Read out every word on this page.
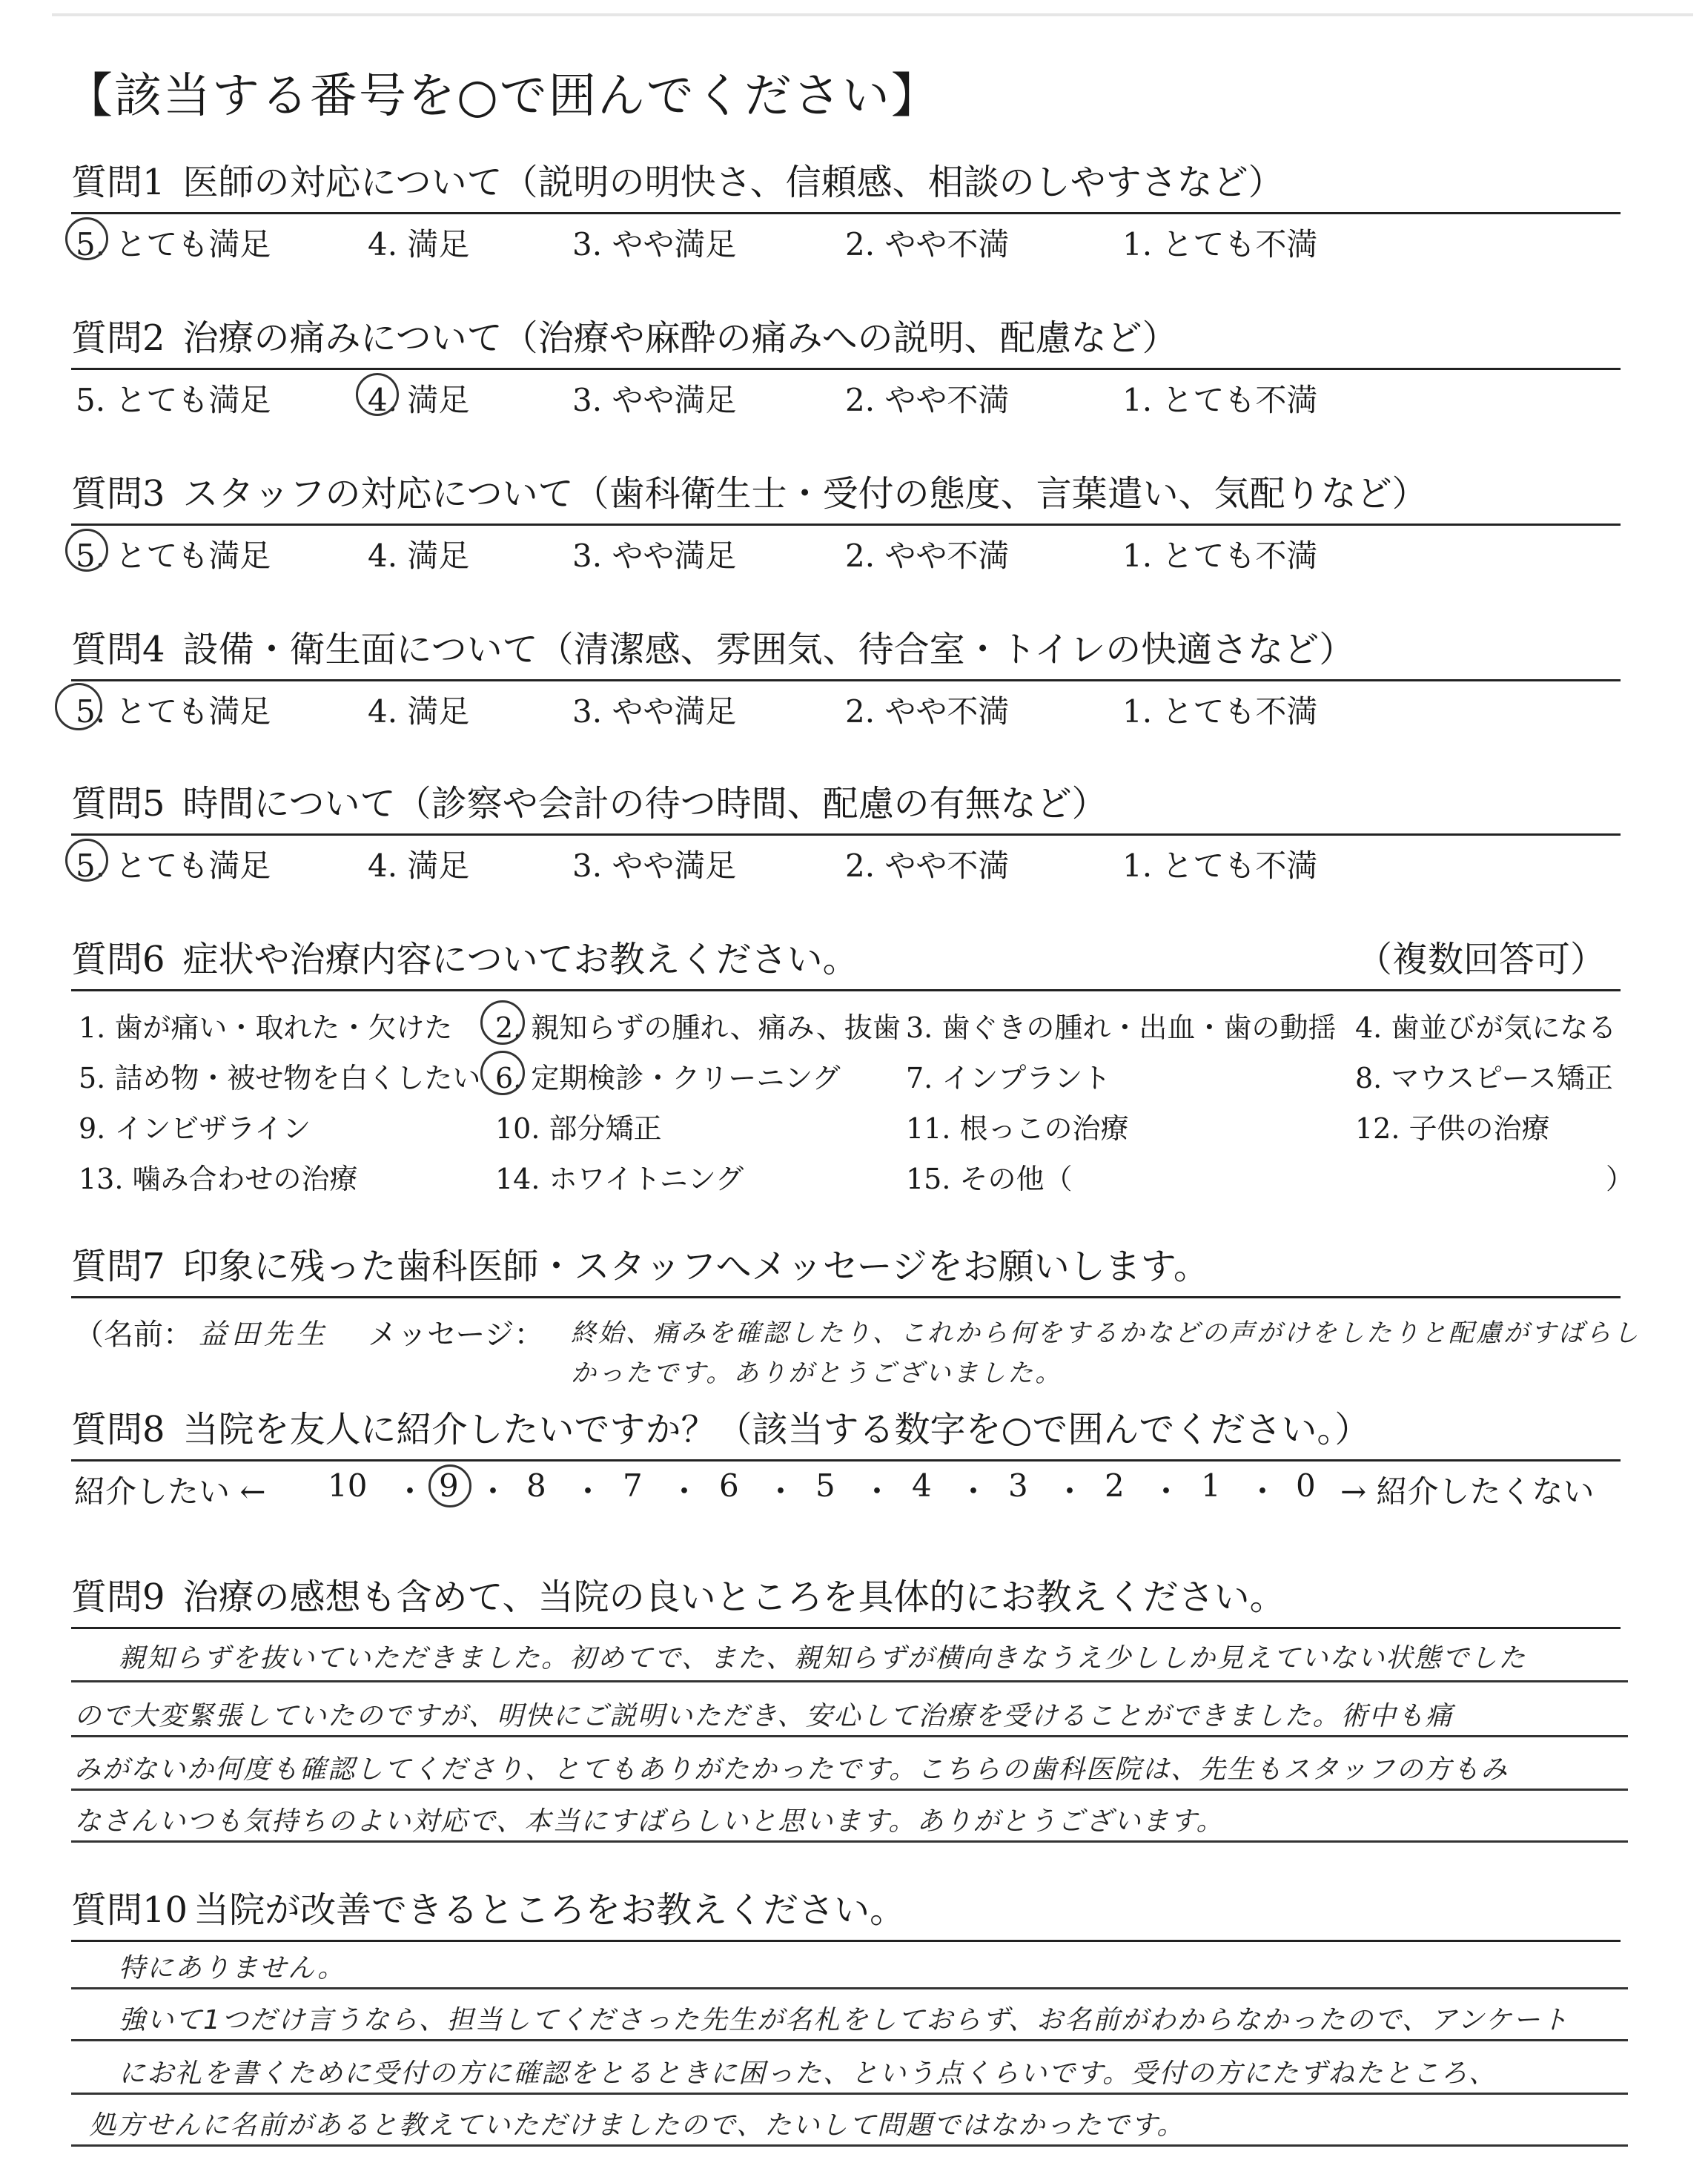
【該当する番号を○で囲んでください】
質問1 医師の対応について（説明の明快さ、信頼感、相談のしやすさなど）
5. とても満足	4. 満足	3. やや満足	2. やや不満	1. とても不満
質問2 治療の痛みについて（治療や麻酔の痛みへの説明、配慮など）
5. とても満足	4. 満足	3. やや満足	2. やや不満	1. とても不満
質問3 スタッフの対応について（歯科衛生士・受付の態度、言葉遣い、気配りなど）
5. とても満足	4. 満足	3. やや満足	2. やや不満	1. とても不満
質問4 設備・衛生面について（清潔感、雰囲気、待合室・トイレの快適さなど）
5. とても満足	4. 満足	3. やや満足	2. やや不満	1. とても不満
質問5 時間について（診察や会計の待つ時間、配慮の有無など）
5. とても満足	4. 満足	3. やや満足	2. やや不満	1. とても不満
質問6 症状や治療内容についてお教えください。	（複数回答可）
1. 歯が痛い・取れた・欠けた 2. 親知らずの腫れ、痛み、抜歯 3. 歯ぐきの腫れ・出血・歯の動揺 4. 歯並びが気になる
5. 詰め物・被せ物を白くしたい 6. 定期検診・クリーニング 7. インプラント	8. マウスピース矯正
9. インビザライン	10. 部分矯正	11. 根っこの治療	12. 子供の治療
13. 噛み合わせの治療	14. ホワイトニング	15. その他（	）
質問7 印象に残った歯科医師・スタッフへメッセージをお願いします。
（名前： 益田先生 メッセージ： 終始、痛みを確認したり、これから何をするかなどの声がけをしたりと配慮がすばらし
かったです。ありがとうございました。
質問8 当院を友人に紹介したいですか？（該当する数字を○で囲んでください。）
紹介したい ← 10 ・ 9 ・ 8 ・ 7 ・ 6 ・ 5 ・ 4 ・ 3 ・ 2 ・ 1 ・ 0 → 紹介したくない
質問9 治療の感想も含めて、当院の良いところを具体的にお教えください。
親知らずを抜いていただきました。初めてで、また、親知らずが横向きなうえ少ししか見えていない状態でした
ので大変緊張していたのですが、明快にご説明いただき、安心して治療を受けることができました。術中も痛
みがないか何度も確認してくださり、とてもありがたかったです。こちらの歯科医院は、先生もスタッフの方もみ
なさんいつも気持ちのよい対応で、本当にすばらしいと思います。ありがとうございます。
質問10 当院が改善できるところをお教えください。
特にありません。
強いて1つだけ言うなら、担当してくださった先生が名札をしておらず、お名前がわからなかったので、アンケート
にお礼を書くために受付の方に確認をとるときに困った、という点くらいです。受付の方にたずねたところ、
処方せんに名前があると教えていただけましたので、たいして問題ではなかったです。
